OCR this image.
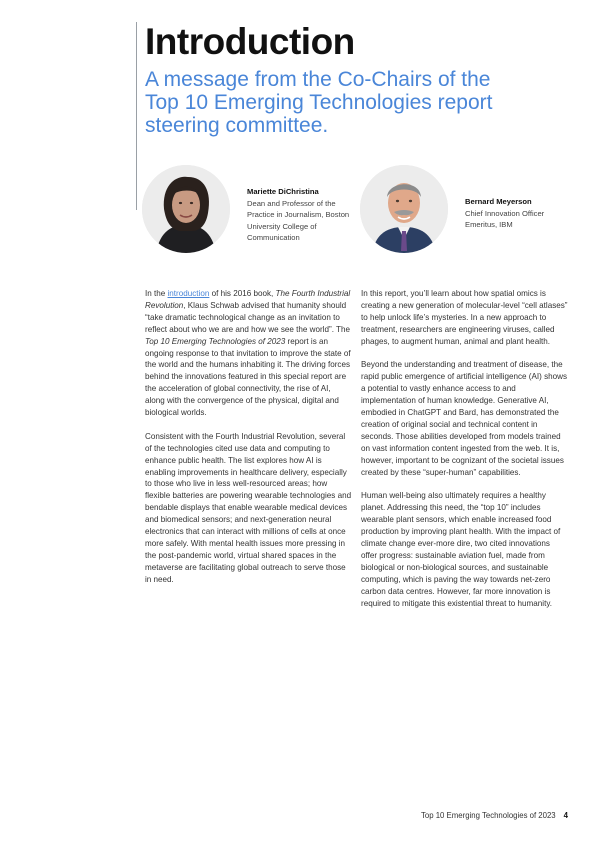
Introduction
A message from the Co-Chairs of the Top 10 Emerging Technologies report steering committee.
Mariette DiChristina
Dean and Professor of the Practice in Journalism, Boston University College of Communication
Bernard Meyerson
Chief Innovation Officer Emeritus, IBM

In the introduction of his 2016 book, The Fourth Industrial Revolution, Klaus Schwab advised that humanity should “take dramatic technological change as an invitation to reflect about who we are and how we see the world”. The Top 10 Emerging Technologies of 2023 report is an ongoing response to that invitation to improve the state of the world and the humans inhabiting it. The driving forces behind the innovations featured in this special report are the acceleration of global connectivity, the rise of AI, along with the convergence of the physical, digital and biological worlds.

Consistent with the Fourth Industrial Revolution, several of the technologies cited use data and computing to enhance public health. The list explores how AI is enabling improvements in healthcare delivery, especially to those who live in less well-resourced areas; how flexible batteries are powering wearable technologies and bendable displays that enable wearable medical devices and biomedical sensors; and next-generation neural electronics that can interact with millions of cells at once more safely. With mental health issues more pressing in the post-pandemic world, virtual shared spaces in the metaverse are facilitating global outreach to serve those in need.

In this report, you’ll learn about how spatial omics is creating a new generation of molecular-level “cell atlases” to help unlock life’s mysteries. In a new approach to treatment, researchers are engineering viruses, called phages, to augment human, animal and plant health.

Beyond the understanding and treatment of disease, the rapid public emergence of artificial intelligence (AI) shows a potential to vastly enhance access to and implementation of human knowledge. Generative AI, embodied in ChatGPT and Bard, has demonstrated the creation of original social and technical content in seconds. Those abilities developed from models trained on vast information content ingested from the web. It is, however, important to be cognizant of the societal issues created by these “super-human” capabilities.

Human well-being also ultimately requires a healthy planet. Addressing this need, the “top 10” includes wearable plant sensors, which enable increased food production by improving plant health. With the impact of climate change ever-more dire, two cited innovations offer progress: sustainable aviation fuel, made from biological or non-biological sources, and sustainable computing, which is paving the way towards net-zero carbon data centres. However, far more innovation is required to mitigate this existential threat to humanity.

Top 10 Emerging Technologies of 2023 4
